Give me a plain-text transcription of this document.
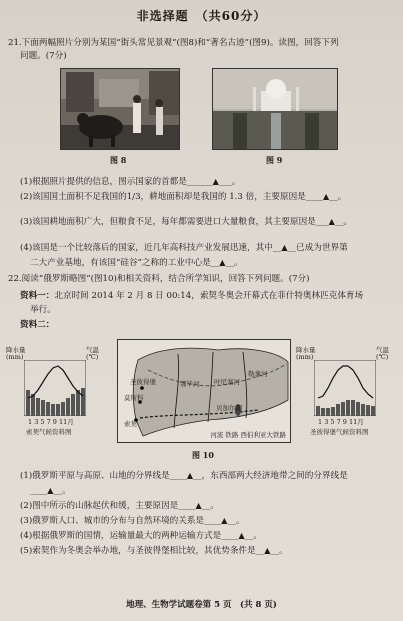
非选择题　（共60分）
21.下面两幅照片分别为某国“街头常见景观”(图8)和“著名古迹”(图9)。读图，回答下列
问题。(7分)
图 8	图 9
(1)根据照片提供的信息，图示国家的首都是______▲___。
(2)该国国土面积不足我国的1/3，耕地面积却是我国的 1.3 倍，主要原因是____▲__。
(3)该国耕地面积广大，但粮食不足，每年都需要进口大量粮食，其主要原因是___▲__。
(4)该国是一个比较落后的国家，近几年高科技产业发展迅速，其中__▲__已成为世界第
二大产业基地，有该国“硅谷”之称的工业中心是__▲__。
22.阅读“俄罗斯略图”(图10)和相关资料，结合所学知识，回答下列问题。(7分)
资料一：北京时间 2014 年 2 月 8 日 00:14，索契冬奥会开幕式在菲什特奥林匹克体育场
举行。
资料二：
降水量
(mm)
气温
(℃)
1 3 5 7 9 11月
索契气候资料图
圣彼得堡
莫斯科
索契
鄂毕河 叶尼塞河
勒拿河
贝加尔湖
河流 铁路 西伯利亚大铁路
降水量
(mm)
气温
(℃)
1 3 5 7 9 11月
圣彼得堡气候资料图
图 10
(1)俄罗斯平原与高原、山地的分界线是____▲__，东西部两大经济地带之间的分界线是
____▲__。
(2)图中所示的山脉起伏和缓，主要原因是____▲__。
(3)俄罗斯人口、城市的分布与自然环境的关系是____▲__。
(4)根据俄罗斯的国情，运输量最大的两种运输方式是____▲__。
(5)索契作为冬奥会举办地，与圣彼得堡相比较，其优势条件是__▲__。
地理、生物学试题卷第 5 页　(共 8 页)
